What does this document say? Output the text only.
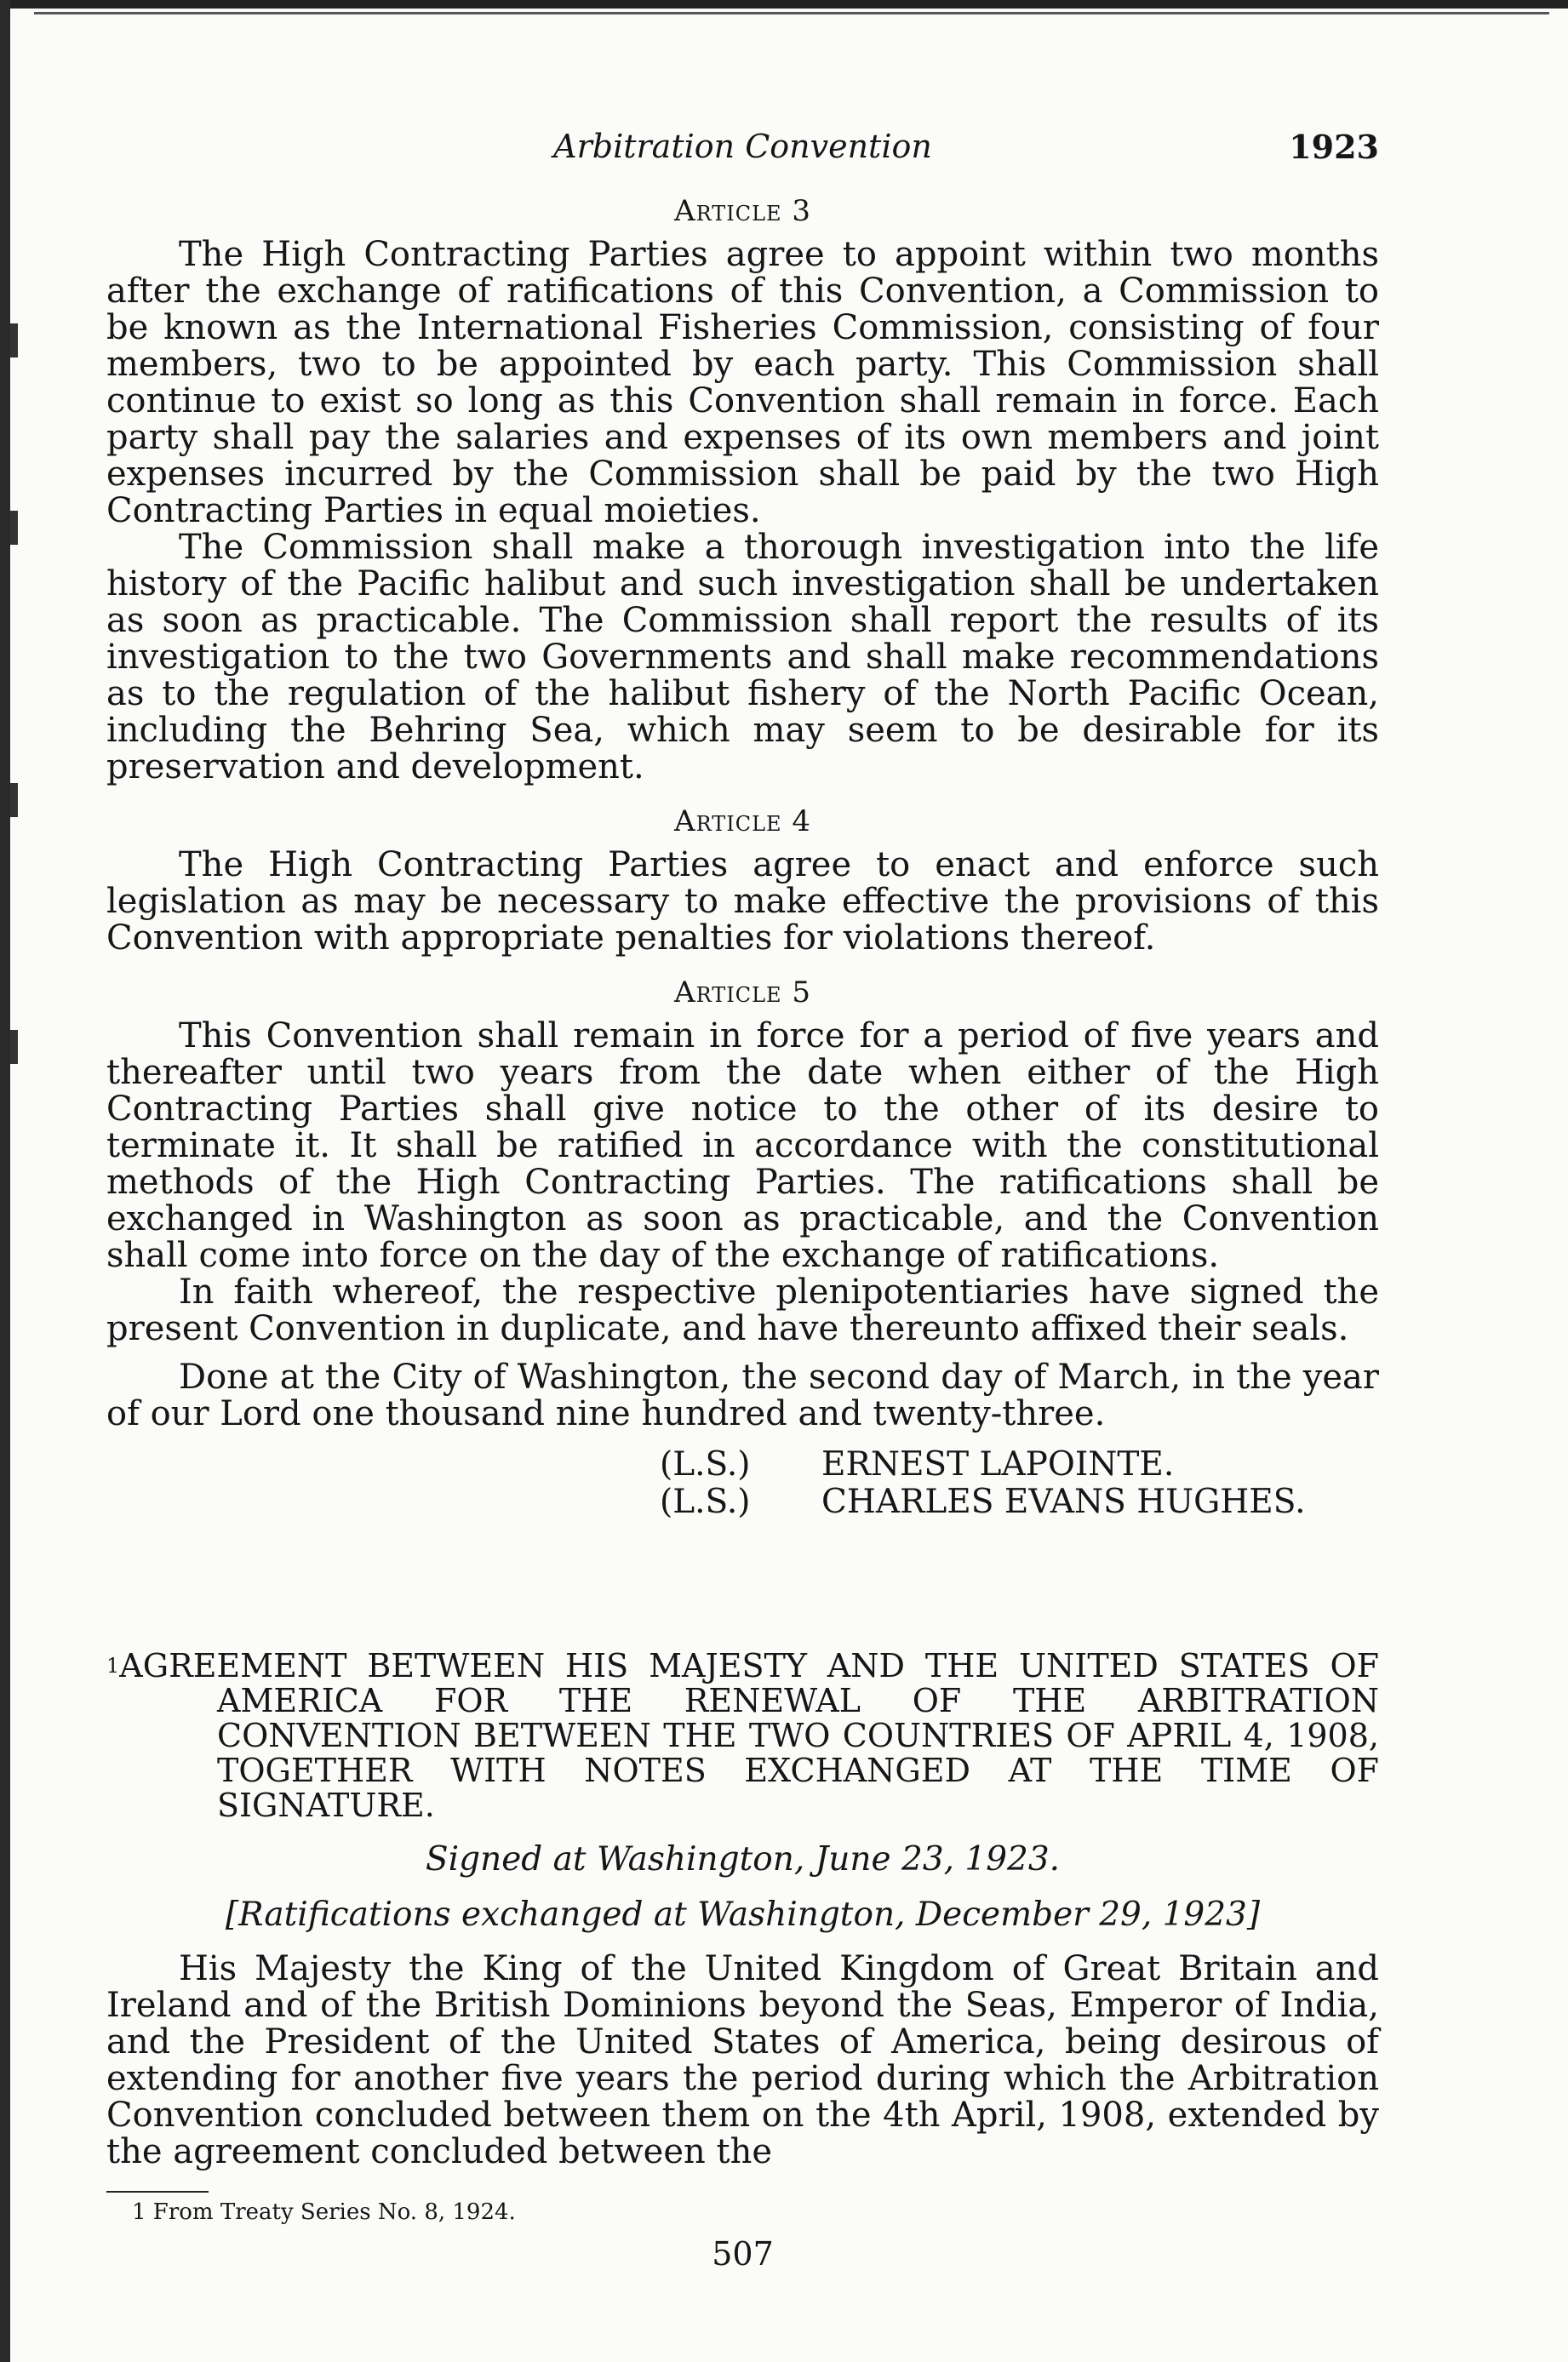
Arbitration Convention	1923
Article 3

The High Contracting Parties agree to appoint within two months after the exchange of ratifications of this Convention, a Commission to be known as the International Fisheries Commission, consisting of four members, two to be appointed by each party. This Commission shall continue to exist so long as this Convention shall remain in force. Each party shall pay the salaries and expenses of its own members and joint expenses incurred by the Commission shall be paid by the two High Contracting Parties in equal moieties.

The Commission shall make a thorough investigation into the life history of the Pacific halibut and such investigation shall be undertaken as soon as practicable. The Commission shall report the results of its investigation to the two Governments and shall make recommendations as to the regulation of the halibut fishery of the North Pacific Ocean, including the Behring Sea, which may seem to be desirable for its preservation and development.

Article 4

The High Contracting Parties agree to enact and enforce such legislation as may be necessary to make effective the provisions of this Convention with appropriate penalties for violations thereof.

Article 5

This Convention shall remain in force for a period of five years and thereafter until two years from the date when either of the High Contracting Parties shall give notice to the other of its desire to terminate it. It shall be ratified in accordance with the constitutional methods of the High Contracting Parties. The ratifications shall be exchanged in Washington as soon as practicable, and the Convention shall come into force on the day of the exchange of ratifications.

In faith whereof, the respective plenipotentiaries have signed the present Convention in duplicate, and have thereunto affixed their seals.

Done at the City of Washington, the second day of March, in the year of our Lord one thousand nine hundred and twenty-three.

(L.S.)	ERNEST LAPOINTE.
(L.S.)	CHARLES EVANS HUGHES.
$^1$AGREEMENT BETWEEN HIS MAJESTY AND THE UNITED STATES OF AMERICA FOR THE RENEWAL OF THE ARBITRATION CONVENTION BETWEEN THE TWO COUNTRIES OF APRIL 4, 1908, TOGETHER WITH NOTES EXCHANGED AT THE TIME OF SIGNATURE.
Signed at Washington, June 23, 1923.
[Ratifications exchanged at Washington, December 29, 1923]

His Majesty the King of the United Kingdom of Great Britain and Ireland and of the British Dominions beyond the Seas, Emperor of India, and the President of the United States of America, being desirous of extending for another five years the period during which the Arbitration Convention concluded between them on the 4th April, 1908, extended by the agreement concluded between the

1 From Treaty Series No. 8, 1924.
507
